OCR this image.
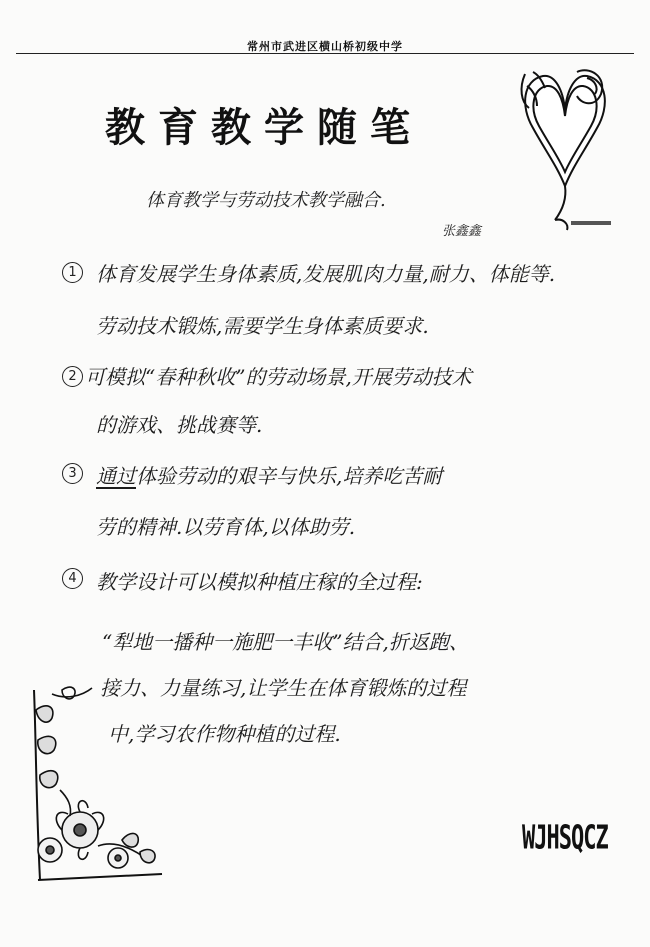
常州市武进区横山桥初级中学
教育教学随笔
体育教学与劳动技术教学融合.
张鑫鑫
1 体育发展学生身体素质,发展肌肉力量,耐力、体能等.
劳动技术锻炼,需要学生身体素质要求.
2 可模拟“春种秋收”的劳动场景,开展劳动技术
的游戏、挑战赛等.
3 通过体验劳动的艰辛与快乐,培养吃苦耐
劳的精神.以劳育体,以体助劳.
4 教学设计可以模拟种植庄稼的全过程:
“犁地一播种一施肥一丰收”结合,折返跑、
接力、力量练习,让学生在体育锻炼的过程
中,学习农作物种植的过程.
WJHSQCZ
